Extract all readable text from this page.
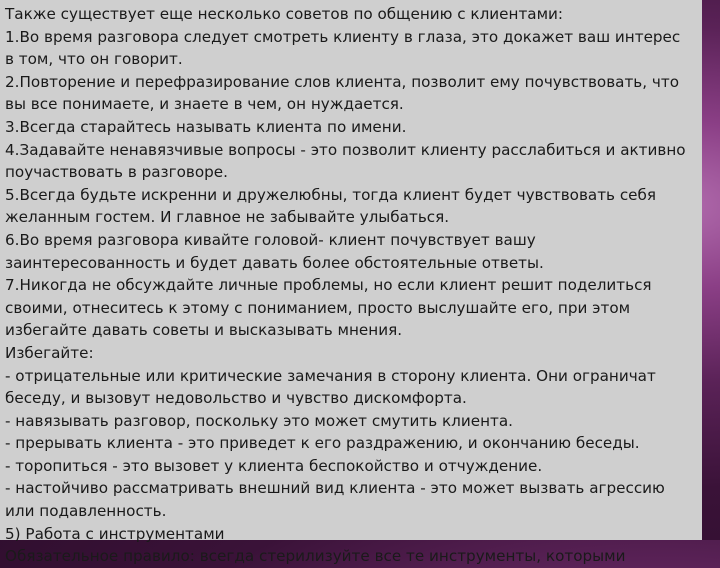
Также существует еще несколько советов по общению с клиентами:
1.Во время разговора следует смотреть клиенту в глаза, это докажет ваш интерес
в том, что он говорит.
2.Повторение и перефразирование слов клиента, позволит ему почувствовать, что
вы все понимаете, и знаете в чем, он нуждается.
3.Всегда старайтесь называть клиента по имени.
4.Задавайте ненавязчивые вопросы - это позволит клиенту расслабиться и активно
поучаствовать в разговоре.
5.Всегда будьте искренни и дружелюбны, тогда клиент будет чувствовать себя
желанным гостем. И главное не забывайте улыбаться.
6.Во время разговора кивайте головой- клиент почувствует вашу
заинтересованность и будет давать более обстоятельные ответы.
7.Никогда не обсуждайте личные проблемы, но если клиент решит поделиться
своими, отнеситесь к этому с пониманием, просто выслушайте его, при этом
избегайте давать советы и высказывать мнения.
Избегайте:
- отрицательные или критические замечания в сторону клиента. Они ограничат
беседу, и вызовут недовольство и чувство дискомфорта.
- навязывать разговор, поскольку это может смутить клиента.
- прерывать клиента - это приведет к его раздражению, и окончанию беседы.
- торопиться - это вызовет у клиента беспокойство и отчуждение.
- настойчиво рассматривать внешний вид клиента - это может вызвать агрессию
или подавленность.
5) Работа с инструментами
Обязательное правило: всегда стерилизуйте все те инструменты, которыми
